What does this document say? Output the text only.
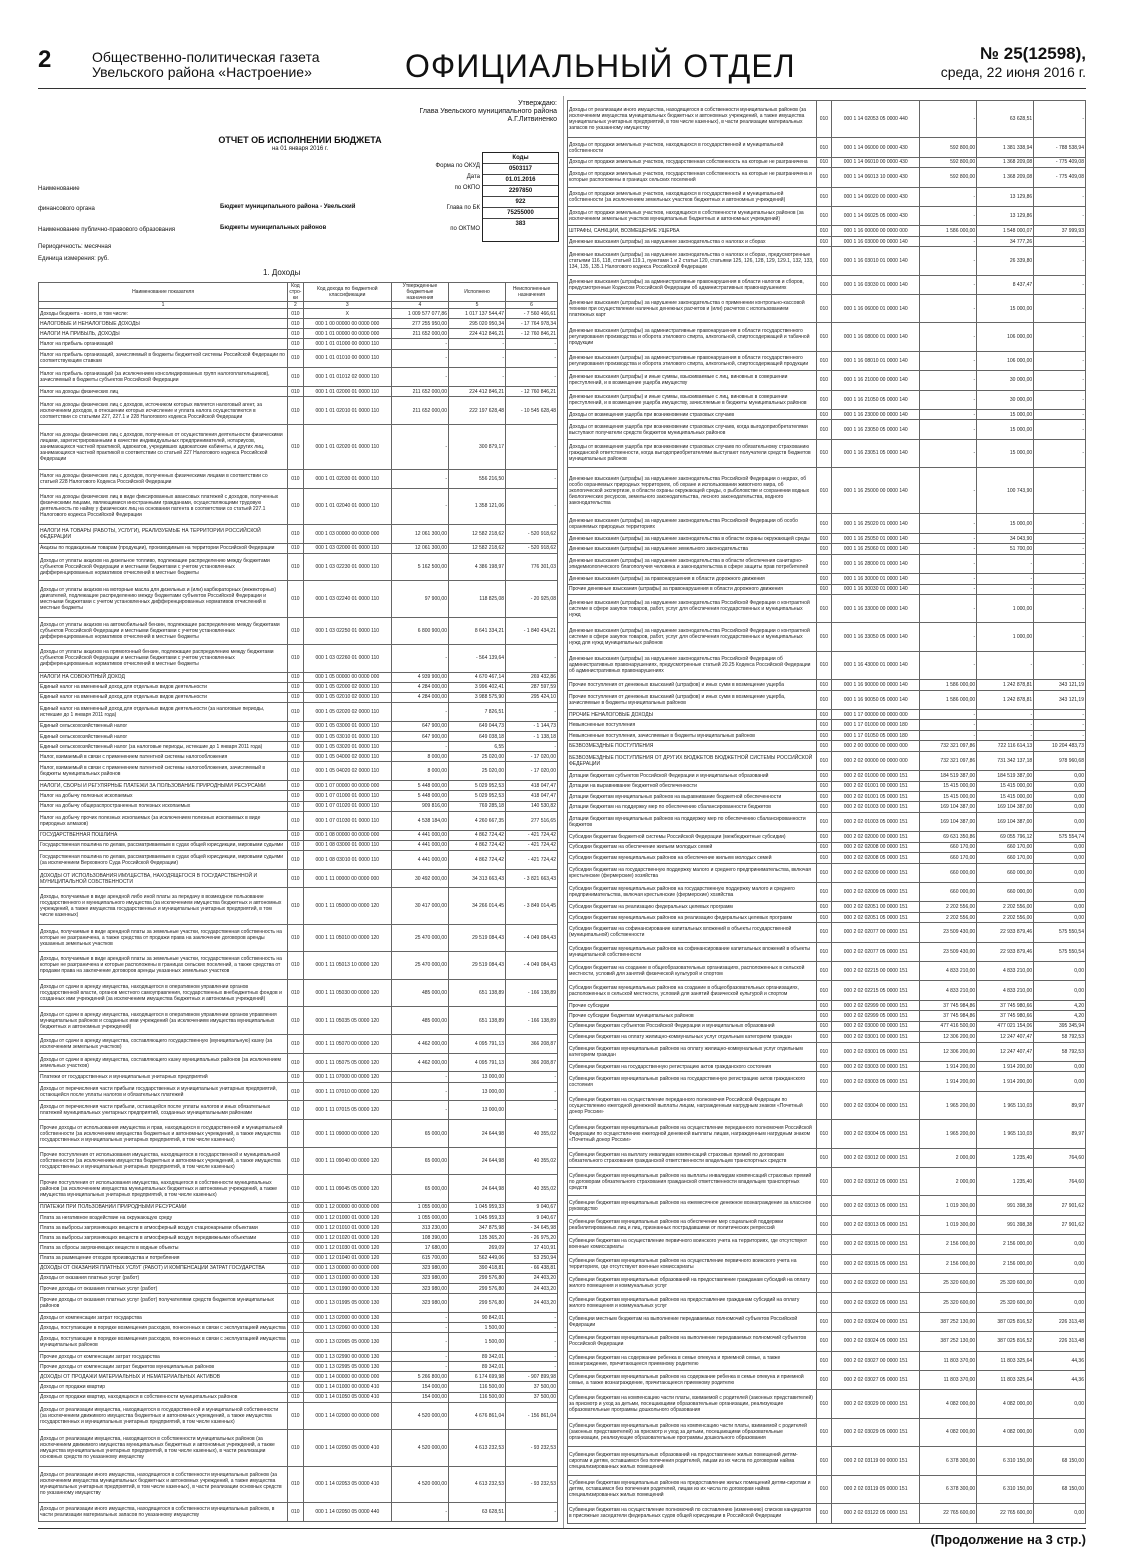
2	Общественно-политическая газета
Увельского района «Настроение»	ОФИЦИАЛЬНЫЙ ОТДЕЛ	№ 25(12598),
среда, 22 июня 2016 г.
Утверждаю:
Глава Увельского муниципального района
А.Г.Литвиненко
ОТЧЕТ ОБ ИСПОЛНЕНИИ БЮДЖЕТА
на 01 января 2016 г.
Коды
0503117
01.01.2016
2297850
922
75255000
383
Форма по ОКУД
Дата
по ОКПО
Глава по БК
по ОКТМО
Наименование
финансового органа	Бюджет муниципального района - Увельский
Наименование публично-правового образования	Бюджеты муниципальных районов
Периодичность: месячная
Единица измерения: руб.
1. Доходы
Наименование показателя	Код стро-ки	Код дохода по бюджетной классификации	Утвержденные бюджетные назначения	Исполнено	Неисполненные назначения
1	2	3	4	5	6
Доходы бюджета - всего, в том числе:	010	X	1 009 577 077,86	1 017 137 544,47	- 7 560 466,61
НАЛОГОВЫЕ И НЕНАЛОГОВЫЕ ДОХОДЫ	010	000 1 00 00000 00 0000 000	277 255 950,00	295 020 950,34	- 17 764 978,34
НАЛОГИ НА ПРИБЫЛЬ, ДОХОДЫ	010	000 1 01 00000 00 0000 000	211 652 000,00	224 412 846,21	- 12 760 846,21
Налог на прибыль организаций	010	000 1 01 01000 00 0000 110	-	-	-
Налог на прибыль организаций, зачисляемый в бюджеты бюджетной системы Российской Федерации по соответствующим ставкам	010	000 1 01 01010 00 0000 110	-	-	-
Налог на прибыль организаций (за исключением консолидированных групп налогоплательщиков), зачисляемый в бюджеты субъектов Российской Федерации	010	000 1 01 01012 02 0000 110	-	-	-
Налог на доходы физических лиц	010	000 1 01 02000 01 0000 110	211 652 000,00	224 412 846,21	- 12 760 846,21
Налог на доходы физических лиц с доходов, источником которых является налоговый агент, за исключением доходов, в отношении которых исчисление и уплата налога осуществляются в соответствии со статьями 227, 227.1 и 228 Налогового кодекса Российской Федерации	010	000 1 01 02010 01 0000 110	211 652 000,00	222 197 628,48	- 10 545 628,48
Налог на доходы физических лиц с доходов, полученных от осуществления деятельности физическими лицами, зарегистрированными в качестве индивидуальных предпринимателей, нотариусов, занимающихся частной практикой, адвокатов, учредивших адвокатские кабинеты, и других лиц, занимающихся частной практикой в соответствии со статьей 227 Налогового кодекса Российской Федерации	010	000 1 01 02020 01 0000 110	-	300 879,17	-
Налог на доходы физических лиц с доходов, полученных физическими лицами в соответствии со статьей 228 Налогового Кодекса Российской Федерации	010	000 1 01 02030 01 0000 110	-	556 216,50	-
Налог на доходы физических лиц в виде фиксированных авансовых платежей с доходов, полученных физическими лицами, являющимися иностранными гражданами, осуществляющими трудовую деятельность по найму у физических лиц на основании патента в соответствии со статьей 227.1 Налогового кодекса Российской Федерации	010	000 1 01 02040 01 0000 110	-	1 358 121,06	-
НАЛОГИ НА ТОВАРЫ (РАБОТЫ, УСЛУГИ), РЕАЛИЗУЕМЫЕ НА ТЕРРИТОРИИ РОССИЙСКОЙ ФЕДЕРАЦИИ	010	000 1 03 00000 00 0000 000	12 061 300,00	12 582 218,62	- 520 918,62
Акцизы по подакцизным товарам (продукции), производимым на территории Российской Федерации	010	000 1 03 02000 01 0000 110	12 061 300,00	12 582 218,62	- 520 918,62
Доходы от уплаты акцизов на дизельное топливо, подлежащие распределению между бюджетами субъектов Российской Федерации и местными бюджетами с учетом установленных дифференцированных нормативов отчислений в местные бюджеты	010	000 1 03 02230 01 0000 110	5 162 500,00	4 386 198,97	776 301,03
Доходы от уплаты акцизов на моторные масла для дизельных и (или) карбюраторных (инжекторных) двигателей, подлежащие распределению между бюджетами субъектов Российской Федерации и местными бюджетами с учетом установленных дифференцированных нормативов отчислений в местные бюджеты	010	000 1 03 02240 01 0000 110	97 900,00	118 825,08	- 20 925,08
Доходы от уплаты акцизов на автомобильный бензин, подлежащие распределению между бюджетами субъектов Российской Федерации и местными бюджетами с учетом установленных дифференцированных нормативов отчислений в местные бюджеты	010	000 1 03 02250 01 0000 110	6 800 900,00	8 641 334,21	- 1 840 434,21
Доходы от уплаты акцизов на прямогонный бензин, подлежащие распределению между бюджетами субъектов Российской Федерации и местными бюджетами с учетом установленных дифференцированных нормативов отчислений в местные бюджеты	010	000 1 03 02260 01 0000 110	-	- 564 139,64	-
НАЛОГИ НА СОВОКУПНЫЙ ДОХОД	010	000 1 05 00000 00 0000 000	4 939 900,00	4 670 467,14	269 432,86
Единый налог на вмененный доход для отдельных видов деятельности	010	000 1 05 02000 02 0000 110	4 284 000,00	3 996 402,41	287 597,59
Единый налог на вмененный доход для отдельных видов деятельности	010	000 1 05 02010 02 0000 110	4 284 000,00	3 988 575,90	295 424,10
Единый налог на вмененный доход для отдельных видов деятельности (за налоговые периоды, истекшие до 1 января 2011 года)	010	000 1 05 02020 02 0000 110	-	7 826,51	-
Единый сельскохозяйственный налог	010	000 1 05 03000 01 0000 110	647 900,00	649 044,73	- 1 144,73
Единый сельскохозяйственный налог	010	000 1 05 03010 01 0000 110	647 900,00	649 038,18	- 1 138,18
Единый сельскохозяйственный налог (за налоговые периоды, истекшие до 1 января 2011 года)	010	000 1 05 03020 01 0000 110	-	6,55	-
Налог, взимаемый в связи с применением патентной системы налогообложения	010	000 1 05 04000 02 0000 110	8 000,00	25 020,00	- 17 020,00
Налог, взимаемый в связи с применением патентной системы налогообложения, зачисляемый в бюджеты муниципальных районов	010	000 1 05 04020 02 0000 110	8 000,00	25 020,00	- 17 020,00
НАЛОГИ, СБОРЫ И РЕГУЛЯРНЫЕ ПЛАТЕЖИ ЗА ПОЛЬЗОВАНИЕ ПРИРОДНЫМИ РЕСУРСАМИ	010	000 1 07 00000 00 0000 000	5 448 000,00	5 029 952,53	418 047,47
Налог на добычу полезных ископаемых	010	000 1 07 01000 01 0000 110	5 448 000,00	5 029 952,53	418 047,47
Налог на добычу общераспространенных полезных ископаемых	010	000 1 07 01020 01 0000 110	909 816,00	769 285,18	140 530,82
Налог на добычу прочих полезных ископаемых (за исключением полезных ископаемых в виде природных алмазов)	010	000 1 07 01030 01 0000 110	4 538 184,00	4 260 667,35	277 516,65
ГОСУДАРСТВЕННАЯ ПОШЛИНА	010	000 1 08 00000 00 0000 000	4 441 000,00	4 862 724,42	- 421 724,42
Государственная пошлина по делам, рассматриваемым в судах общей юрисдикции, мировыми судьями	010	000 1 08 03000 01 0000 110	4 441 000,00	4 862 724,42	- 421 724,42
Государственная пошлина по делам, рассматриваемым в судах общей юрисдикции, мировыми судьями (за исключением Верховного Суда Российской Федерации)	010	000 1 08 03010 01 0000 110	4 441 000,00	4 862 724,42	- 421 724,42
ДОХОДЫ ОТ ИСПОЛЬЗОВАНИЯ ИМУЩЕСТВА, НАХОДЯЩЕГОСЯ В ГОСУДАРСТВЕННОЙ И МУНИЦИПАЛЬНОЙ СОБСТВЕННОСТИ	010	000 1 11 00000 00 0000 000	30 492 000,00	34 313 663,43	- 3 821 663,43
Доходы, получаемые в виде арендной либо иной платы за передачу в возмездное пользование государственного и муниципального имущества (за исключением имущества бюджетных и автономных учреждений, а также имущества государственных и муниципальных унитарных предприятий, в том числе казенных)	010	000 1 11 05000 00 0000 120	30 417 000,00	34 266 014,45	- 3 849 014,45
Доходы, получаемые в виде арендной платы за земельные участки, государственная собственность на которые не разграничена, а также средства от продажи права на заключение договоров аренды указанных земельных участков	010	000 1 11 05010 00 0000 120	25 470 000,00	29 519 084,43	- 4 049 084,43
Доходы, получаемые в виде арендной платы за земельные участки, государственная собственность на которые не разграничена и которые расположены в границах сельских поселений, а также средства от продажи права на заключение договоров аренды указанных земельных участков	010	000 1 11 05013 10 0000 120	25 470 000,00	29 519 084,43	- 4 049 084,43
Доходы от сдачи в аренду имущества, находящегося в оперативном управлении органов государственной власти, органов местного самоуправления, государственных внебюджетных фондов и созданных ими учреждений (за исключением имущества бюджетных и автономных учреждений)	010	000 1 11 05030 00 0000 120	485 000,00	651 138,89	- 166 138,89
Доходы от сдачи в аренду имущества, находящегося в оперативном управлении органов управления муниципальных районов и созданных ими учреждений (за исключением имущества муниципальных бюджетных и автономных учреждений)	010	000 1 11 05035 05 0000 120	485 000,00	651 138,89	- 166 138,89
Доходы от сдачи в аренду имущества, составляющего государственную (муниципальную) казну (за исключением земельных участков)	010	000 1 11 05070 00 0000 120	4 462 000,00	4 095 791,13	366 208,87
Доходы от сдачи в аренду имущества, составляющего казну муниципальных районов (за исключением земельных участков)	010	000 1 11 05075 05 0000 120	4 462 000,00	4 095 791,13	366 208,87
Платежи от государственных и муниципальных унитарных предприятий	010	000 1 11 07000 00 0000 120	-	13 000,00	-
Доходы от перечисления части прибыли государственных и муниципальных унитарных предприятий, остающейся после уплаты налогов и обязательных платежей	010	000 1 11 07010 00 0000 120	-	13 000,00	-
Доходы от перечисления части прибыли, остающейся после уплаты налогов и иных обязательных платежей муниципальных унитарных предприятий, созданных муниципальными районами	010	000 1 11 07015 05 0000 120	-	13 000,00	-
Прочие доходы от использования имущества и прав, находящихся в государственной и муниципальной собственности (за исключением имущества бюджетных и автономных учреждений, а также имущества государственных и муниципальных унитарных предприятий, в том числе казенных)	010	000 1 11 09000 00 0000 120	65 000,00	24 644,98	40 355,02
Прочие поступления от использования имущества, находящегося в государственной и муниципальной собственности (за исключением имущества бюджетных и автономных учреждений, а также имущества государственных и муниципальных унитарных предприятий, в том числе казенных)	010	000 1 11 09040 00 0000 120	65 000,00	24 644,98	40 355,02
Прочие поступления от использования имущества, находящегося в собственности муниципальных районов (за исключением имущества муниципальных бюджетных и автономных учреждений, а также имущества муниципальных унитарных предприятий, в том числе казенных)	010	000 1 11 09045 05 0000 120	65 000,00	24 644,98	40 355,02
ПЛАТЕЖИ ПРИ ПОЛЬЗОВАНИИ ПРИРОДНЫМИ РЕСУРСАМИ	010	000 1 12 00000 00 0000 000	1 055 000,00	1 045 959,33	9 040,67
Плата за негативное воздействие на окружающую среду	010	000 1 12 01000 01 0000 120	1 055 000,00	1 045 959,33	9 040,67
Плата за выбросы загрязняющих веществ в атмосферный воздух стационарными объектами	010	000 1 12 01010 01 0000 120	313 230,00	347 875,98	- 34 645,98
Плата за выбросы загрязняющих веществ в атмосферный воздух передвижными объектами	010	000 1 12 01020 01 0000 120	108 390,00	135 365,20	- 26 975,20
Плата за сбросы загрязняющих веществ в водные объекты	010	000 1 12 01030 01 0000 120	17 680,00	269,09	17 410,91
Плата за размещение отходов производства и потребления	010	000 1 12 01040 01 0000 120	615 700,00	562 449,06	53 250,94
ДОХОДЫ ОТ ОКАЗАНИЯ ПЛАТНЫХ УСЛУГ (РАБОТ) И КОМПЕНСАЦИИ ЗАТРАТ ГОСУДАРСТВА	010	000 1 13 00000 00 0000 000	323 980,00	390 418,81	- 66 438,81
Доходы от оказания платных услуг (работ)	010	000 1 13 01000 00 0000 130	323 980,00	299 576,80	24 403,20
Прочие доходы от оказания платных услуг (работ)	010	000 1 13 01990 00 0000 130	323 980,00	299 576,80	24 403,20
Прочие доходы от оказания платных услуг (работ) получателями средств бюджетов муниципальных районов	010	000 1 13 01995 05 0000 130	323 980,00	299 576,80	24 403,20
Доходы от компенсации затрат государства	010	000 1 13 02000 00 0000 130	-	90 842,01	-
Доходы, поступающие в порядке возмещения расходов, понесенных в связи с эксплуатацией имущества	010	000 1 13 02060 00 0000 130	-	1 500,00	-
Доходы, поступающие в порядке возмещения расходов, понесенных в связи с эксплуатацией имущества муниципальных районов	010	000 1 13 02065 05 0000 130	-	1 500,00	-
Прочие доходы от компенсации затрат государства	010	000 1 13 02990 00 0000 130	-	89 342,01	-
Прочие доходы от компенсации затрат бюджетов муниципальных районов	010	000 1 13 02995 05 0000 130	-	89 342,01	-
ДОХОДЫ ОТ ПРОДАЖИ МАТЕРИАЛЬНЫХ И НЕМАТЕРИАЛЬНЫХ АКТИВОВ	010	000 1 14 00000 00 0000 000	5 266 800,00	6 174 699,98	- 907 899,98
Доходы от продажи квартир	010	000 1 14 01000 00 0000 410	154 000,00	116 500,00	37 500,00
Доходы от продажи квартир, находящихся в собственности муниципальных районов	010	000 1 14 01050 05 0000 410	154 000,00	116 500,00	37 500,00
Доходы от реализации имущества, находящегося в государственной и муниципальной собственности (за исключением движимого имущества бюджетных и автономных учреждений, а также имущества государственных и муниципальных унитарных предприятий, в том числе казенных)	010	000 1 14 02000 00 0000 000	4 520 000,00	4 676 861,04	- 156 861,04
Доходы от реализации имущества, находящегося в собственности муниципальных районов (за исключением движимого имущества муниципальных бюджетных и автономных учреждений, а также имущества муниципальных унитарных предприятий, в том числе казенных), в части реализации основных средств по указанному имуществу	010	000 1 14 02050 05 0000 410	4 520 000,00	4 613 232,53	- 93 232,53
Доходы от реализации иного имущества, находящегося в собственности муниципальных районов (за исключением имущества муниципальных бюджетных и автономных учреждений, а также имущества муниципальных унитарных предприятий, в том числе казенных), в части реализации основных средств по указанному имуществу	010	000 1 14 02053 05 0000 410	4 520 000,00	4 613 232,53	- 93 232,53
Доходы от реализации иного имущества, находящегося в собственности муниципальных районов, в части реализации материальных запасов по указанному имуществу	010	000 1 14 02050 05 0000 440	-	63 628,51	-
Доходы от реализации иного имущества, находящегося в собственности муниципальных районов (за исключением имущества муниципальных бюджетных и автономных учреждений, а также имущества муниципальных унитарных предприятий, в том числе казенных), в части реализации материальных запасов по указанному имуществу	010	000 1 14 02053 05 0000 440	-	63 628,51	-
Доходы от продажи земельных участков, находящихся в государственной и муниципальной собственности	010	000 1 14 06000 00 0000 430	592 800,00	1 381 338,94	- 788 538,94
Доходы от продажи земельных участков, государственная собственность на которые не разграничена	010	000 1 14 06010 00 0000 430	592 800,00	1 368 209,08	- 775 409,08
Доходы от продажи земельных участков, государственная собственность на которые не разграничена и которые расположены в границах сельских поселений	010	000 1 14 06013 10 0000 430	592 800,00	1 368 209,08	- 775 409,08
Доходы от продажи земельных участков, находящихся в государственной и муниципальной собственности (за исключением земельных участков бюджетных и автономных учреждений)	010	000 1 14 06020 00 0000 430	-	13 129,86	-
Доходы от продажи земельных участков, находящихся в собственности муниципальных районов (за исключением земельных участков муниципальных бюджетных и автономных учреждений)	010	000 1 14 06025 05 0000 430	-	13 129,86	-
ШТРАФЫ, САНКЦИИ, ВОЗМЕЩЕНИЕ УЩЕРБА	010	000 1 16 00000 00 0000 000	1 586 000,00	1 548 000,07	37 999,93
Денежные взыскания (штрафы) за нарушение законодательства о налогах и сборах	010	000 1 16 03000 00 0000 140	-	34 777,26	-
Денежные взыскания (штрафы) за нарушение законодательства о налогах и сборах, предусмотренные статьями 116, 118, статьей 119.1, пунктами 1 и 2 статьи 120, статьями 125, 126, 128, 129, 129.1, 132, 133, 134, 135, 135.1 Налогового кодекса Российской Федерации	010	000 1 16 03010 01 0000 140	-	26 339,80	-
Денежные взыскания (штрафы) за административные правонарушения в области налогов и сборов, предусмотренные Кодексом Российской Федерации об административных правонарушениях	010	000 1 16 03030 01 0000 140	-	8 437,47	-
Денежные взыскания (штрафы) за нарушение законодательства о применении контрольно-кассовой техники при осуществлении наличных денежных расчетов и (или) расчетов с использованием платежных карт	010	000 1 16 06000 01 0000 140	-	15 000,00	-
Денежные взыскания (штрафы) за административные правонарушения в области государственного регулирования производства и оборота этилового спирта, алкогольной, спиртосодержащей и табачной продукции	010	000 1 16 08000 01 0000 140	-	106 000,00	-
Денежные взыскания (штрафы) за административные правонарушения в области государственного регулирования производства и оборота этилового спирта, алкогольной, спиртосодержащей продукции	010	000 1 16 08010 01 0000 140	-	106 000,00	-
Денежные взыскания (штрафы) и иные суммы, взыскиваемые с лиц, виновных в совершении преступлений, и в возмещение ущерба имуществу	010	000 1 16 21000 00 0000 140	-	30 000,00	-
Денежные взыскания (штрафы) и иные суммы, взыскиваемые с лиц, виновных в совершении преступлений, и в возмещение ущерба имуществу, зачисляемые в бюджеты муниципальных районов	010	000 1 16 21050 05 0000 140	-	30 000,00	-
Доходы от возмещения ущерба при возникновении страховых случаев	010	000 1 16 23000 00 0000 140	-	15 000,00	-
Доходы от возмещения ущерба при возникновении страховых случаев, когда выгодоприобретателями выступают получатели средств бюджетов муниципальных районов	010	000 1 16 23050 05 0000 140	-	15 000,00	-
Доходы от возмещения ущерба при возникновении страховых случаев по обязательному страхованию гражданской ответственности, когда выгодоприобретателями выступают получатели средств бюджетов муниципальных районов	010	000 1 16 23051 05 0000 140	-	15 000,00	-
Денежные взыскания (штрафы) за нарушение законодательства Российской Федерации о недрах, об особо охраняемых природных территориях, об охране и использовании животного мира, об экологической экспертизе, в области охраны окружающей среды, о рыболовстве и сохранении водных биологических ресурсов, земельного законодательства, лесного законодательства, водного законодательства	010	000 1 16 25000 00 0000 140	-	100 743,90	-
Денежные взыскания (штрафы) за нарушение законодательства Российской Федерации об особо охраняемых природных территориях	010	000 1 16 25020 01 0000 140	-	15 000,00	-
Денежные взыскания (штрафы) за нарушение законодательства в области охраны окружающей среды	010	000 1 16 25050 01 0000 140	-	34 043,90	-
Денежные взыскания (штрафы) за нарушение земельного законодательства	010	000 1 16 25060 01 0000 140	-	51 700,00	-
Денежные взыскания (штрафы) за нарушение законодательства в области обеспечения санитарно-эпидемиологического благополучия человека и законодательства в сфере защиты прав потребителей	010	000 1 16 28000 01 0000 140	-	-	-
Денежные взыскания (штрафы) за правонарушения в области дорожного движения	010	000 1 16 30000 01 0000 140	-	-	-
Прочие денежные взыскания (штрафы) за правонарушения в области дорожного движения	010	000 1 16 30030 01 0000 140	-	-	-
Денежные взыскания (штрафы) за нарушение законодательства Российской Федерации о контрактной системе в сфере закупок товаров, работ, услуг для обеспечения государственных и муниципальных нужд	010	000 1 16 33000 00 0000 140	-	1 000,00	-
Денежные взыскания (штрафы) за нарушение законодательства Российской Федерации о контрактной системе в сфере закупок товаров, работ, услуг для обеспечения государственных и муниципальных нужд для нужд муниципальных районов	010	000 1 16 33050 05 0000 140	-	1 000,00	-
Денежные взыскания (штрафы) за нарушение законодательства Российской Федерации об административных правонарушениях, предусмотренные статьей 20.25 Кодекса Российской Федерации об административных правонарушениях	010	000 1 16 43000 01 0000 140	-	-	-
Прочие поступления от денежных взысканий (штрафов) и иных сумм в возмещение ущерба	010	000 1 16 90000 00 0000 140	1 586 000,00	1 242 878,81	343 121,19
Прочие поступления от денежных взысканий (штрафов) и иных сумм в возмещение ущерба, зачисляемые в бюджеты муниципальных районов	010	000 1 16 90050 05 0000 140	1 586 000,00	1 242 878,81	343 121,19
ПРОЧИЕ НЕНАЛОГОВЫЕ ДОХОДЫ	010	000 1 17 00000 00 0000 000	-	-	-
Невыясненные поступления	010	000 1 17 01000 00 0000 180	-	-	-
Невыясненные поступления, зачисляемые в бюджеты муниципальных районов	010	000 1 17 01050 05 0000 180	-	-	-
БЕЗВОЗМЕЗДНЫЕ ПОСТУПЛЕНИЯ	010	000 2 00 00000 00 0000 000	732 321 097,86	722 116 614,13	10 204 483,73
БЕЗВОЗМЕЗДНЫЕ ПОСТУПЛЕНИЯ ОТ ДРУГИХ БЮДЖЕТОВ БЮДЖЕТНОЙ СИСТЕМЫ РОССИЙСКОЙ ФЕДЕРАЦИИ	010	000 2 02 00000 00 0000 000	732 321 097,86	731 342 137,18	978 960,68
Дотации бюджетам субъектов Российской Федерации и муниципальных образований	010	000 2 02 01000 00 0000 151	184 519 387,00	184 519 387,00	0,00
Дотации на выравнивание бюджетной обеспеченности	010	000 2 02 01001 00 0000 151	15 415 000,00	15 415 000,00	0,00
Дотации бюджетам муниципальных районов на выравнивание бюджетной обеспеченности	010	000 2 02 01001 05 0000 151	15 415 000,00	15 415 000,00	0,00
Дотации бюджетам на поддержку мер по обеспечению сбалансированности бюджетов	010	000 2 02 01003 00 0000 151	169 104 387,00	169 104 387,00	0,00
Дотации бюджетам муниципальных районов на поддержку мер по обеспечению сбалансированности бюджетов	010	000 2 02 01003 05 0000 151	169 104 387,00	169 104 387,00	0,00
Субсидии бюджетам бюджетной системы Российской Федерации (межбюджетные субсидии)	010	000 2 02 02000 00 0000 151	69 631 350,86	69 055 796,12	575 554,74
Субсидии бюджетам на обеспечение жильем молодых семей	010	000 2 02 02008 00 0000 151	660 170,00	660 170,00	0,00
Субсидии бюджетам муниципальных районов на обеспечение жильем молодых семей	010	000 2 02 02008 05 0000 151	660 170,00	660 170,00	0,00
Субсидии бюджетам на государственную поддержку малого и среднего предпринимательства, включая крестьянские (фермерские) хозяйства	010	000 2 02 02009 00 0000 151	660 000,00	660 000,00	0,00
Субсидии бюджетам муниципальных районов на государственную поддержку малого и среднего предпринимательства, включая крестьянские (фермерские) хозяйства	010	000 2 02 02009 05 0000 151	660 000,00	660 000,00	0,00
Субсидии бюджетам на реализацию федеральных целевых программ	010	000 2 02 02051 00 0000 151	2 202 556,00	2 202 556,00	0,00
Субсидии бюджетам муниципальных районов на реализацию федеральных целевых программ	010	000 2 02 02051 05 0000 151	2 202 556,00	2 202 556,00	0,00
Субсидии бюджетам на софинансирование капитальных вложений в объекты государственной (муниципальной) собственности	010	000 2 02 02077 00 0000 151	23 509 430,00	22 933 879,46	575 550,54
Субсидии бюджетам муниципальных районов на софинансирование капитальных вложений в объекты муниципальной собственности	010	000 2 02 02077 05 0000 151	23 509 430,00	22 933 879,46	575 550,54
Субсидии бюджетам на создание в общеобразовательных организациях, расположенных в сельской местности, условий для занятий физической культурой и спортом	010	000 2 02 02215 00 0000 151	4 833 210,00	4 833 210,00	0,00
Субсидии бюджетам муниципальных районов на создание в общеобразовательных организациях, расположенных в сельской местности, условий для занятий физической культурой и спортом	010	000 2 02 02215 05 0000 151	4 833 210,00	4 833 210,00	0,00
Прочие субсидии	010	000 2 02 02999 00 0000 151	37 745 984,86	37 745 980,66	4,20
Прочие субсидии бюджетам муниципальных районов	010	000 2 02 02999 05 0000 151	37 745 984,86	37 745 980,66	4,20
Субвенции бюджетам субъектов Российской Федерации и муниципальных образований	010	000 2 02 03000 00 0000 151	477 416 500,00	477 021 154,06	395 345,94
Субвенции бюджетам на оплату жилищно-коммунальных услуг отдельным категориям граждан	010	000 2 02 03001 00 0000 151	12 306 200,00	12 247 407,47	58 792,53
Субвенции бюджетам муниципальных районов на оплату жилищно-коммунальных услуг отдельным категориям граждан	010	000 2 02 03001 05 0000 151	12 306 200,00	12 247 407,47	58 792,53
Субвенции бюджетам на государственную регистрацию актов гражданского состояния	010	000 2 02 03003 00 0000 151	1 914 200,00	1 914 200,00	0,00
Субвенции бюджетам муниципальных районов на государственную регистрацию актов гражданского состояния	010	000 2 02 03003 05 0000 151	1 914 200,00	1 914 200,00	0,00
Субвенции бюджетам на осуществление переданного полномочия Российской Федерации по осуществлению ежегодной денежной выплаты лицам, награжденным нагрудным знаком «Почетный донор России»	010	000 2 02 03004 00 0000 151	1 965 200,00	1 965 110,03	89,97
Субвенции бюджетам муниципальных районов на осуществление переданного полномочия Российской Федерации по осуществлению ежегодной денежной выплаты лицам, награжденным нагрудным знаком «Почетный донор России»	010	000 2 02 03004 05 0000 151	1 965 200,00	1 965 110,03	89,97
Субвенции бюджетам на выплату инвалидам компенсаций страховых премий по договорам обязательного страхования гражданской ответственности владельцев транспортных средств	010	000 2 02 03012 00 0000 151	2 000,00	1 235,40	764,60
Субвенции бюджетам муниципальных районов на выплаты инвалидам компенсаций страховых премий по договорам обязательного страхования гражданской ответственности владельцев транспортных средств	010	000 2 02 03012 05 0000 151	2 000,00	1 235,40	764,60
Субвенции бюджетам муниципальных районов на ежемесячное денежное вознаграждение за классное руководство	010	000 2 02 03013 05 0000 151	1 019 300,00	991 398,38	27 901,62
Субвенции бюджетам муниципальных районов на обеспечение мер социальной поддержки реабилитированных лиц и лиц, признанных пострадавшими от политических репрессий	010	000 2 02 03013 05 0000 151	1 019 300,00	991 398,38	27 901,62
Субвенции бюджетам на осуществление первичного воинского учета на территориях, где отсутствуют военные комиссариаты	010	000 2 02 03015 00 0000 151	2 156 000,00	2 156 000,00	0,00
Субвенции бюджетам муниципальных районов на осуществление первичного воинского учета на территориях, где отсутствуют военные комиссариаты	010	000 2 02 03015 05 0000 151	2 156 000,00	2 156 000,00	0,00
Субвенции бюджетам муниципальных образований на предоставление гражданам субсидий на оплату жилого помещения и коммунальных услуг	010	000 2 02 03022 00 0000 151	25 320 600,00	25 320 600,00	0,00
Субвенции бюджетам муниципальных районов на предоставление гражданам субсидий на оплату жилого помещения и коммунальных услуг	010	000 2 02 03022 05 0000 151	25 320 600,00	25 320 600,00	0,00
Субвенции местным бюджетам на выполнение передаваемых полномочий субъектов Российской Федерации	010	000 2 02 03024 00 0000 151	387 252 130,00	387 025 816,52	226 313,48
Субвенции бюджетам муниципальных районов на выполнение передаваемых полномочий субъектов Российской Федерации	010	000 2 02 03024 05 0000 151	387 252 130,00	387 025 816,52	226 313,48
Субвенции бюджетам на содержание ребенка в семье опекуна и приемной семье, а также вознаграждение, причитающееся приемному родителю	010	000 2 02 03027 00 0000 151	11 803 370,00	11 803 325,64	44,36
Субвенции бюджетам муниципальных районов на содержание ребенка в семье опекуна и приемной семье, а также вознаграждение, причитающееся приемному родителю	010	000 2 02 03027 05 0000 151	11 803 370,00	11 803 325,64	44,36
Субвенции бюджетам на компенсацию части платы, взимаемой с родителей (законных представителей) за присмотр и уход за детьми, посещающими образовательные организации, реализующие образовательные программы дошкольного образования	010	000 2 02 03029 00 0000 151	4 082 000,00	4 082 000,00	0,00
Субвенции бюджетам муниципальных районов на компенсацию части платы, взимаемой с родителей (законных представителей) за присмотр и уход за детьми, посещающими образовательные организации, реализующие образовательные программы дошкольного образования	010	000 2 02 03029 05 0000 151	4 082 000,00	4 082 000,00	0,00
Субвенции бюджетам муниципальных образований на предоставление жилых помещений детям-сиротам и детям, оставшимся без попечения родителей, лицам из их числа по договорам найма специализированных жилых помещений	010	000 2 02 03119 00 0000 151	6 378 300,00	6 310 150,00	68 150,00
Субвенции бюджетам муниципальных районов на предоставление жилых помещений детям-сиротам и детям, оставшимся без попечения родителей, лицам из их числа по договорам найма специализированных жилых помещений	010	000 2 02 03119 05 0000 151	6 378 300,00	6 310 150,00	68 150,00
Субвенции бюджетам на осуществление полномочий по составлению (изменению) списков кандидатов в присяжные заседатели федеральных судов общей юрисдикции в Российской Федерации	010	000 2 02 03122 05 0000 151	22 765 600,00	22 765 600,00	0,00
(Продолжение на 3 стр.)
